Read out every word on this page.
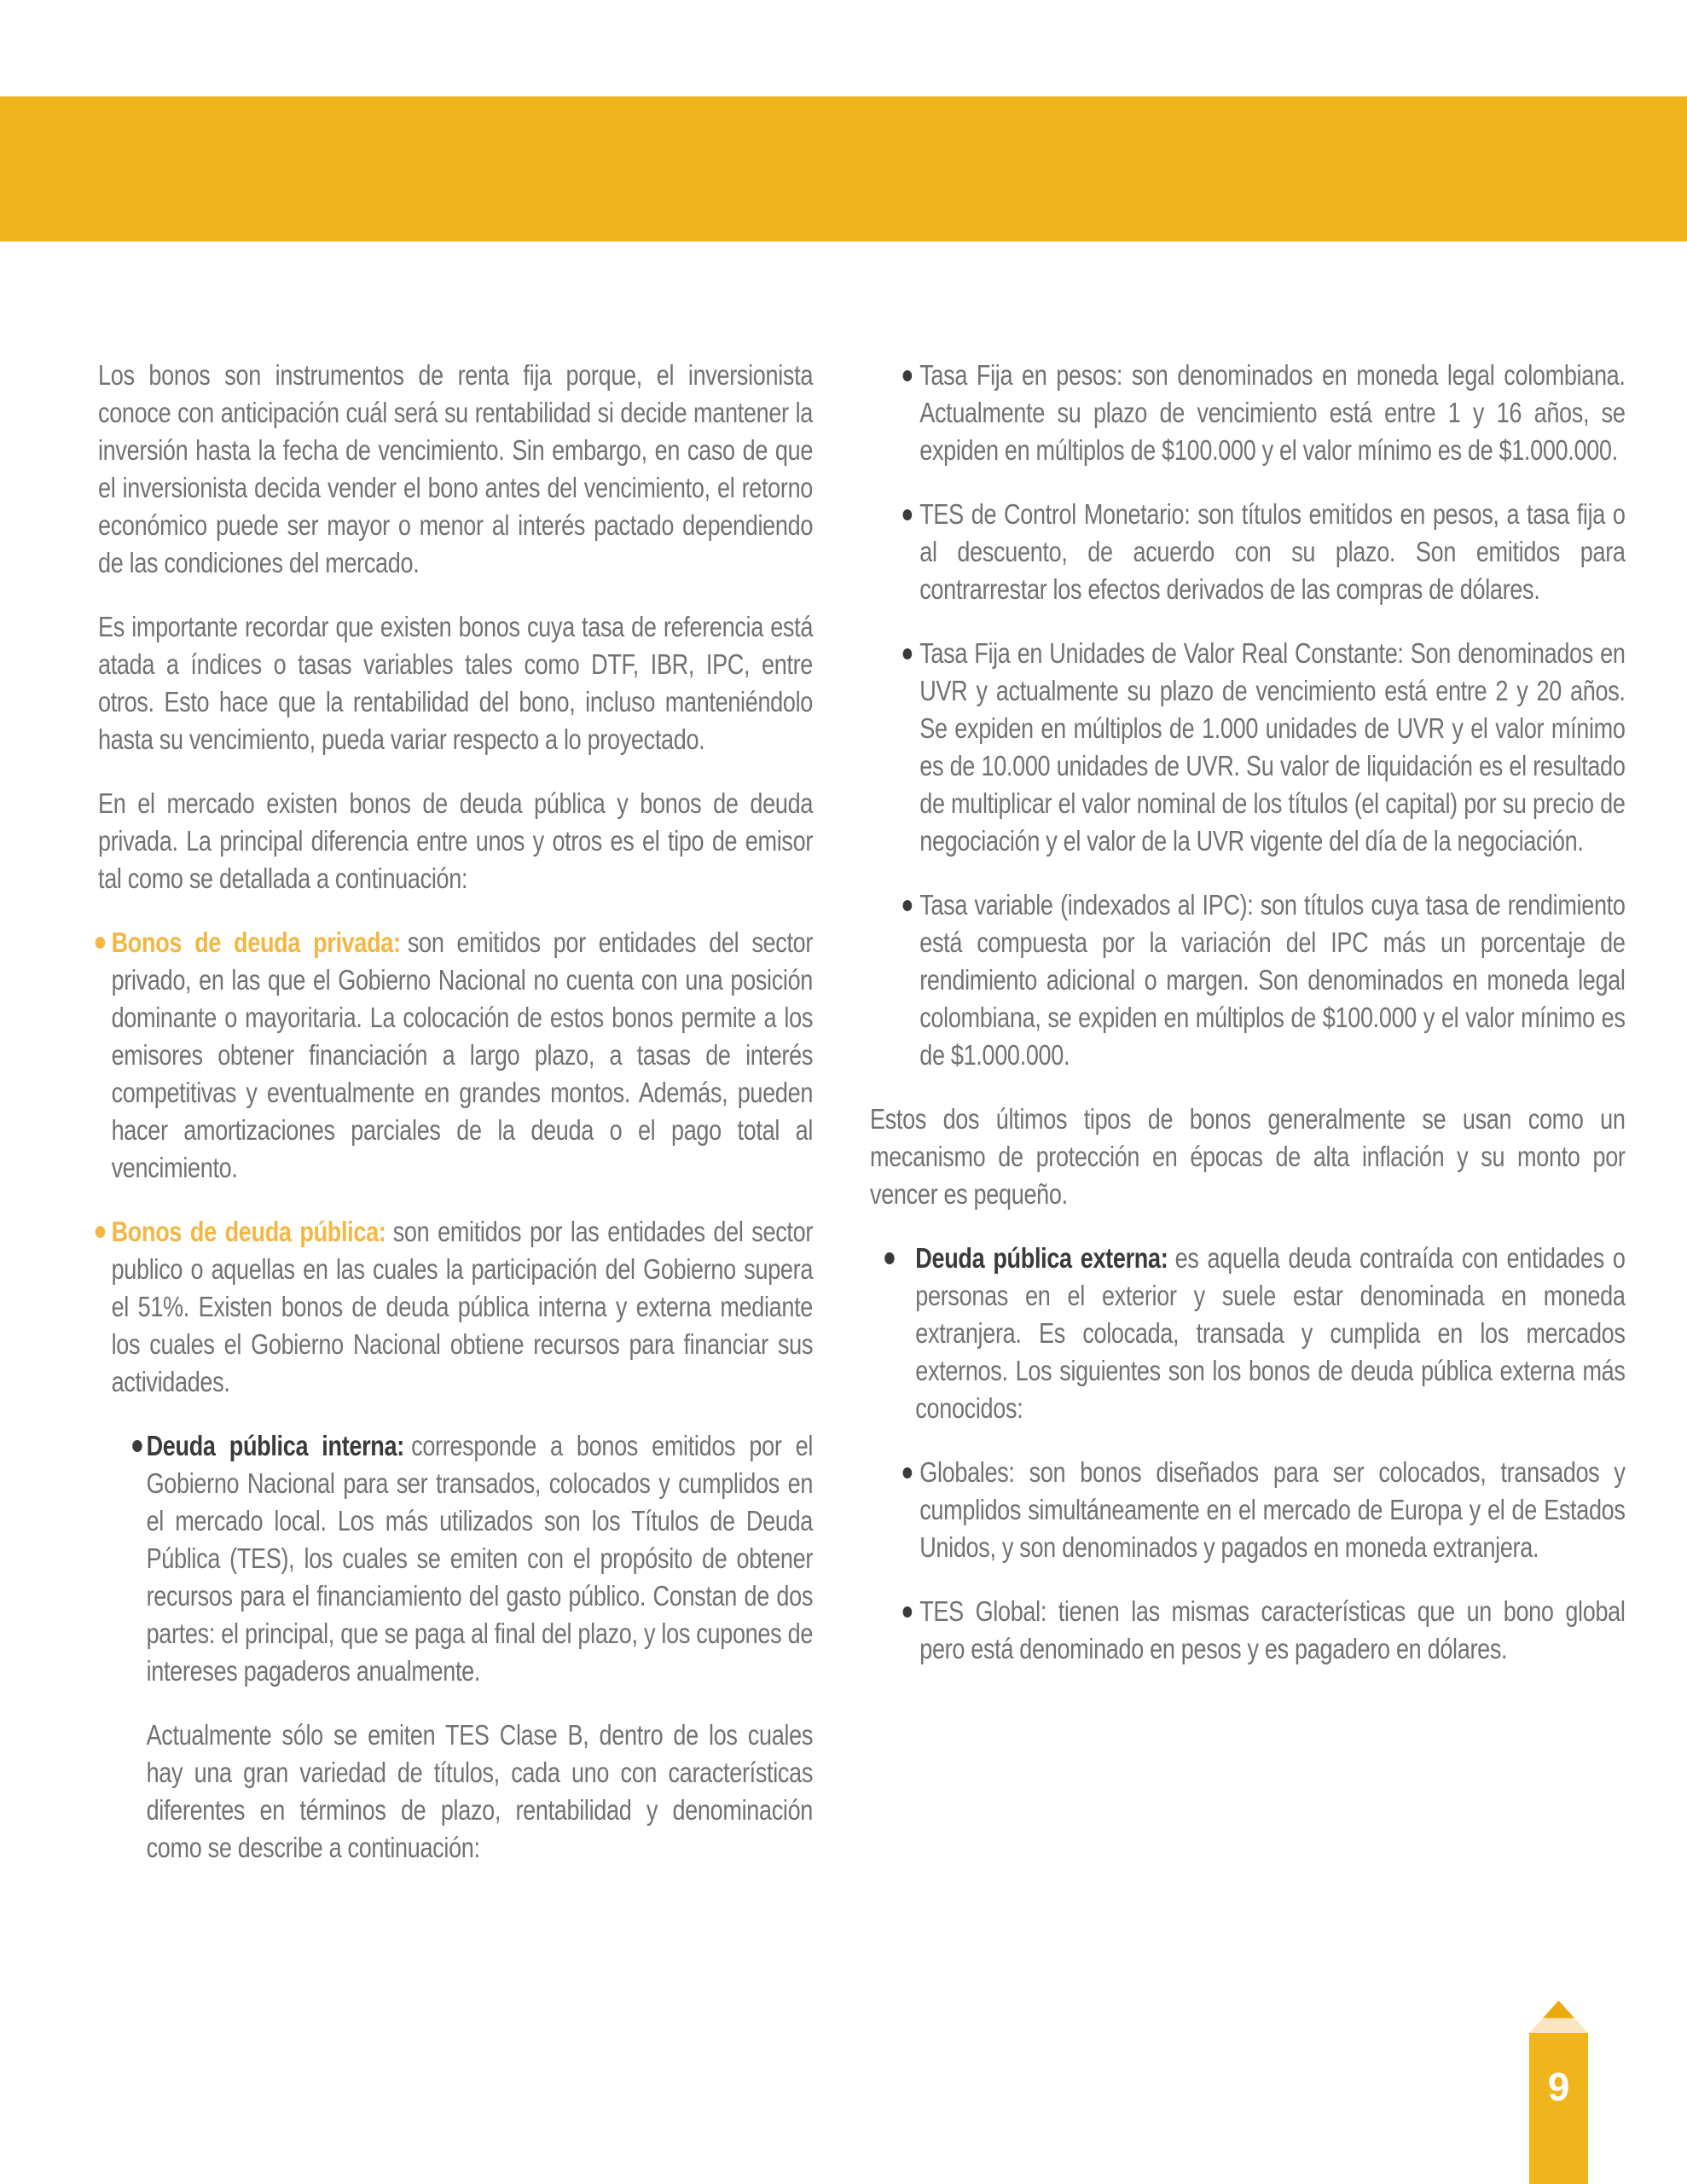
Los bonos son instrumentos de renta fija porque, el inversionista conoce con anticipación cuál será su rentabilidad si decide mantener la inversión hasta la fecha de vencimiento. Sin embargo, en caso de que el inversionista decida vender el bono antes del vencimiento, el retorno económico puede ser mayor o menor al interés pactado dependiendo de las condiciones del mercado.
Es importante recordar que existen bonos cuya tasa de referencia está atada a índices o tasas variables tales como DTF, IBR, IPC, entre otros. Esto hace que la rentabilidad del bono, incluso manteniéndolo hasta su vencimiento, pueda variar respecto a lo proyectado.
En el mercado existen bonos de deuda pública y bonos de deuda privada. La principal diferencia entre unos y otros es el tipo de emisor tal como se detallada a continuación:
Bonos de deuda privada: son emitidos por entidades del sector privado, en las que el Gobierno Nacional no cuenta con una posición dominante o mayoritaria. La colocación de estos bonos permite a los emisores obtener financiación a largo plazo, a tasas de interés competitivas y eventualmente en grandes montos. Además, pueden hacer amortizaciones parciales de la deuda o el pago total al vencimiento.
Bonos de deuda pública: son emitidos por las entidades del sector publico o aquellas en las cuales la participación del Gobierno supera el 51%. Existen bonos de deuda pública interna y externa mediante los cuales el Gobierno Nacional obtiene recursos para financiar sus actividades.
Deuda pública interna: corresponde a bonos emitidos por el Gobierno Nacional para ser transados, colocados y cumplidos en el mercado local. Los más utilizados son los Títulos de Deuda Pública (TES), los cuales se emiten con el propósito de obtener recursos para el financiamiento del gasto público. Constan de dos partes: el principal, que se paga al final del plazo, y los cupones de intereses pagaderos anualmente.
Actualmente sólo se emiten TES Clase B, dentro de los cuales hay una gran variedad de títulos, cada uno con características diferentes en términos de plazo, rentabilidad y denominación como se describe a continuación:
Tasa Fija en pesos: son denominados en moneda legal colombiana. Actualmente su plazo de vencimiento está entre 1 y 16 años, se expiden en múltiplos de $100.000 y el valor mínimo es de $1.000.000.
TES de Control Monetario: son títulos emitidos en pesos, a tasa fija o al descuento, de acuerdo con su plazo. Son emitidos para contrarrestar los efectos derivados de las compras de dólares.
Tasa Fija en Unidades de Valor Real Constante: Son denominados en UVR y actualmente su plazo de vencimiento está entre 2 y 20 años. Se expiden en múltiplos de 1.000 unidades de UVR y el valor mínimo es de 10.000 unidades de UVR. Su valor de liquidación es el resultado de multiplicar el valor nominal de los títulos (el capital) por su precio de negociación y el valor de la UVR vigente del día de la negociación.
Tasa variable (indexados al IPC): son títulos cuya tasa de rendimiento está compuesta por la variación del IPC más un porcentaje de rendimiento adicional o margen. Son denominados en moneda legal colombiana, se expiden en múltiplos de $100.000 y el valor mínimo es de $1.000.000.
Estos dos últimos tipos de bonos generalmente se usan como un mecanismo de protección en épocas de alta inflación y su monto por vencer es pequeño.
Deuda pública externa: es aquella deuda contraída con entidades o personas en el exterior y suele estar denominada en moneda extranjera. Es colocada, transada y cumplida en los mercados externos. Los siguientes son los bonos de deuda pública externa más conocidos:
Globales: son bonos diseñados para ser colocados, transados y cumplidos simultáneamente en el mercado de Europa y el de Estados Unidos, y son denominados y pagados en moneda extranjera.
TES Global: tienen las mismas características que un bono global pero está denominado en pesos y es pagadero en dólares.
9
